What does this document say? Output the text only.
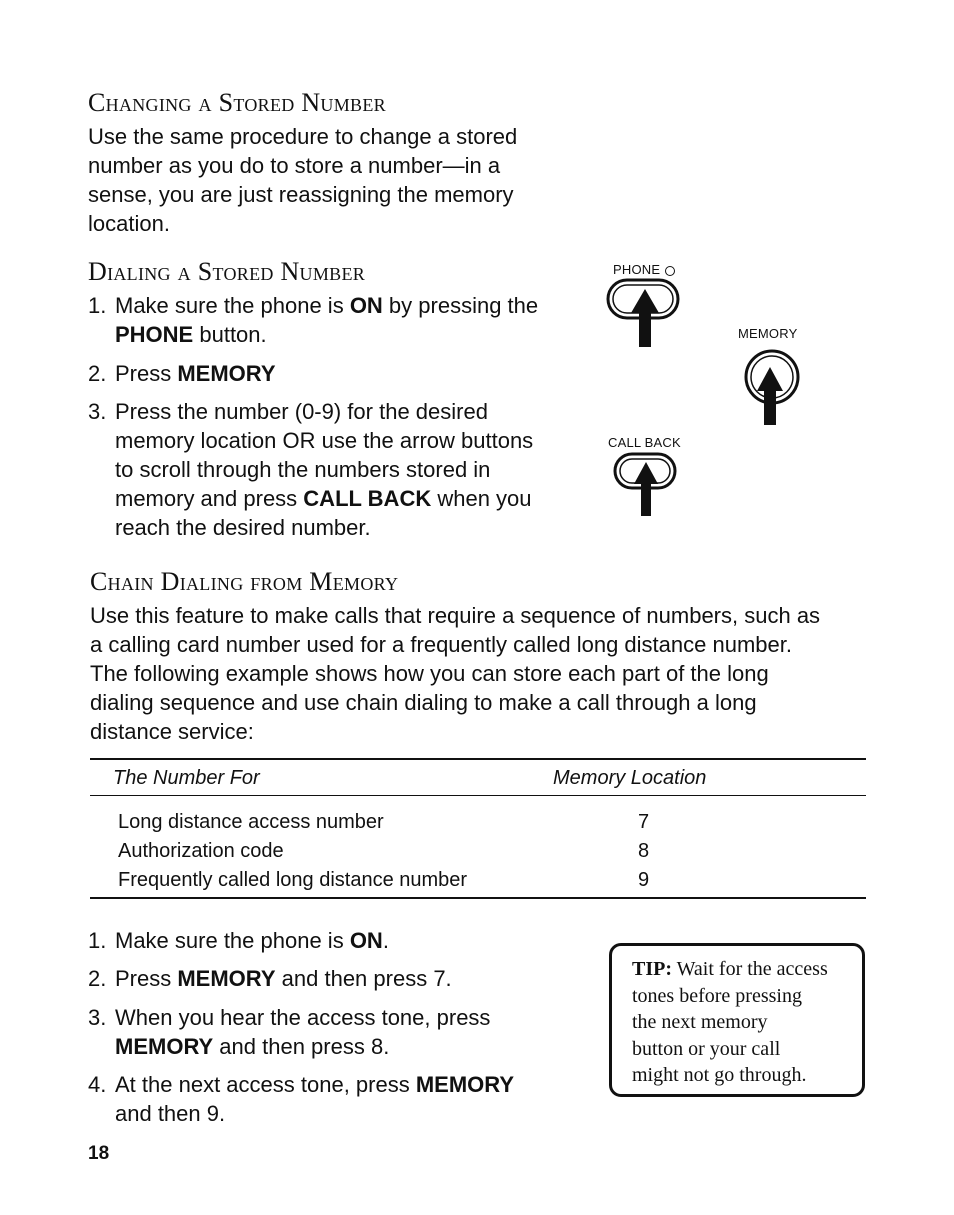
Changing a Stored Number
Use the same procedure to change a stored
number as you do to store a number—in a
sense, you are just reassigning the memory
location.
Dialing a Stored Number
1. Make sure the phone is ON by pressing the
PHONE button.
2. Press MEMORY
3. Press the number (0-9) for the desired
memory location OR use the arrow buttons
to scroll through the numbers stored in
memory and press CALL BACK when you
reach the desired number.
PHONE
MEMORY
CALL BACK
Chain Dialing from Memory
Use this feature to make calls that require a sequence of numbers, such as
a calling card number used for a frequently called long distance number.
The following example shows how you can store each part of the long
dialing sequence and use chain dialing to make a call through a long
distance service:
The Number For	Memory Location
Long distance access number	7
Authorization code	8
Frequently called long distance number	9
1. Make sure the phone is ON.
2. Press MEMORY and then press 7.
3. When you hear the access tone, press
MEMORY and then press 8.
4. At the next access tone, press MEMORY
and then 9.
TIP: Wait for the access
tones before pressing
the next memory
button or your call
might not go through.
18
